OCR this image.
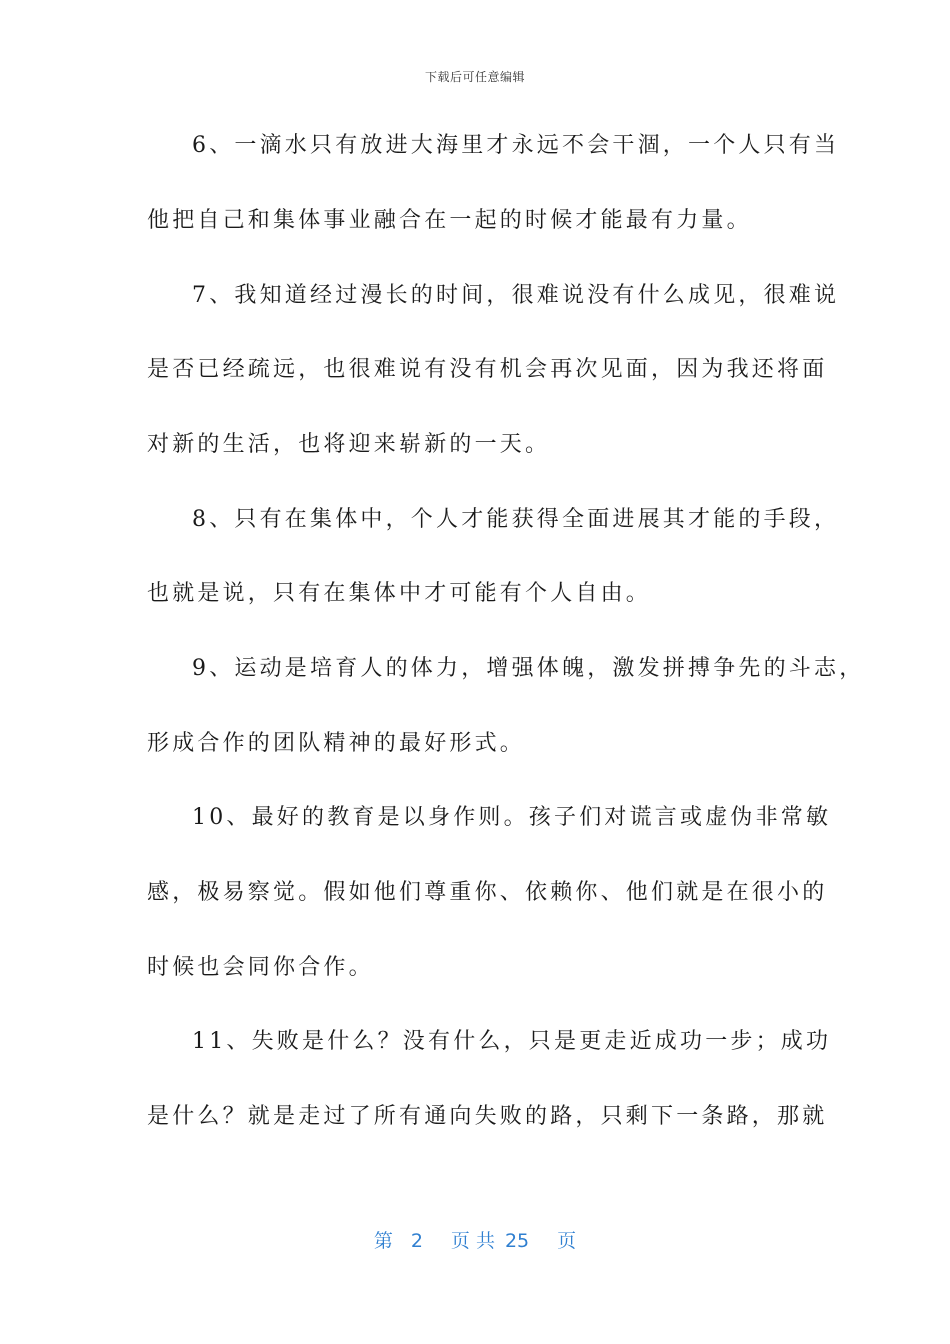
下载后可任意编辑
6、一滴水只有放进大海里才永远不会干涸，一个人只有当
他把自己和集体事业融合在一起的时候才能最有力量。
7、我知道经过漫长的时间，很难说没有什么成见，很难说
是否已经疏远，也很难说有没有机会再次见面，因为我还将面
对新的生活，也将迎来崭新的一天。
8、只有在集体中，个人才能获得全面进展其才能的手段，
也就是说，只有在集体中才可能有个人自由。
9、运动是培育人的体力，增强体魄，激发拼搏争先的斗志，
形成合作的团队精神的最好形式。
10、最好的教育是以身作则。孩子们对谎言或虚伪非常敏
感，极易察觉。假如他们尊重你、依赖你、他们就是在很小的
时候也会同你合作。
11、失败是什么？没有什么，只是更走近成功一步；成功
是什么？就是走过了所有通向失败的路，只剩下一条路，那就
第 2 页 共 25 页
